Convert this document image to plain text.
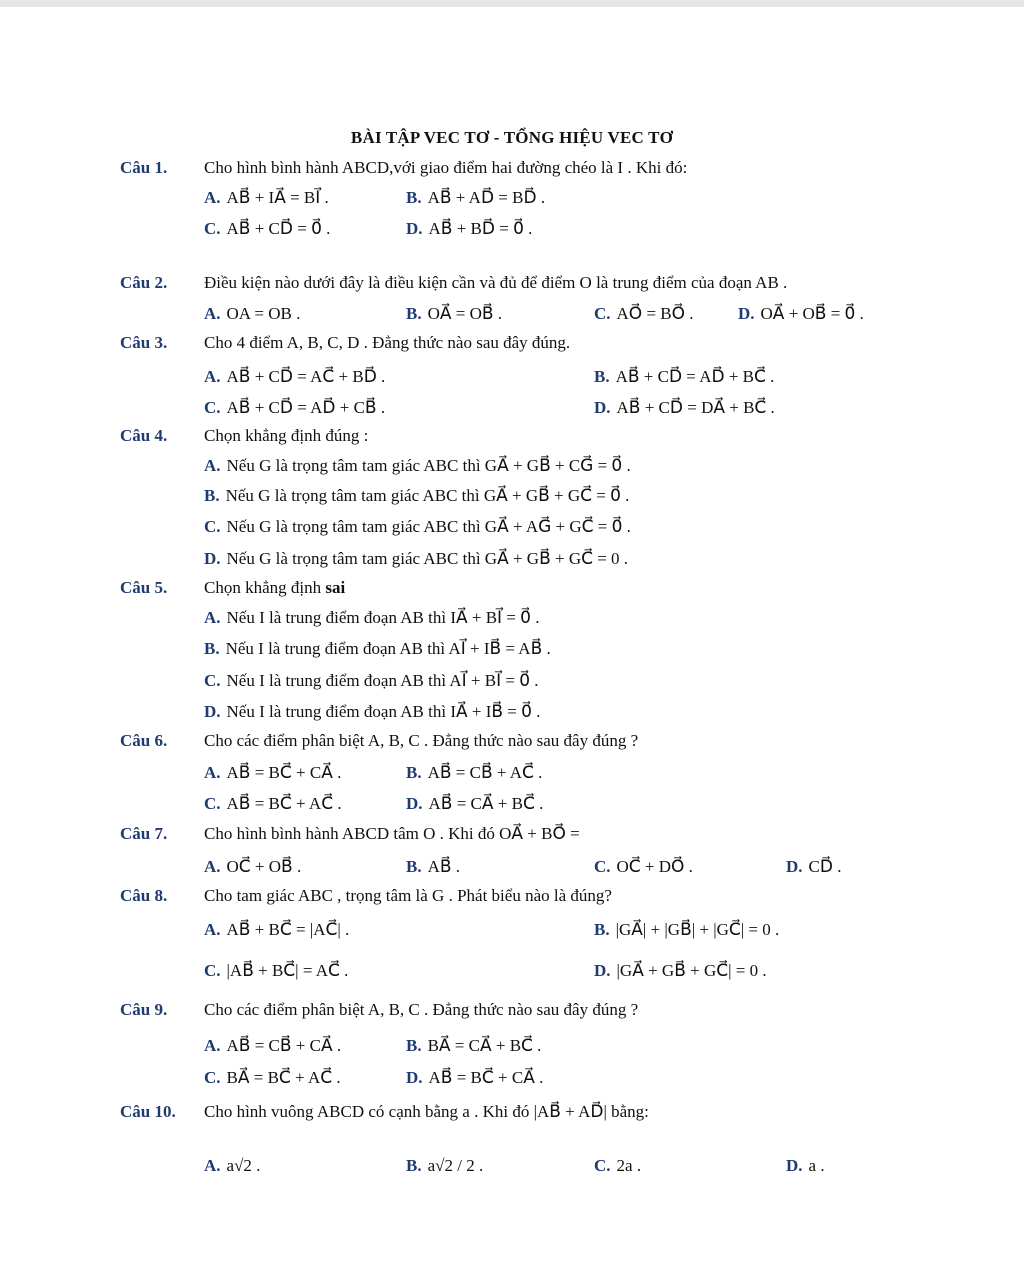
BÀI TẬP VEC TƠ - TỔNG HIỆU VEC TƠ
Câu 1. Cho hình bình hành ABCD,với giao điểm hai đường chéo là I . Khi đó:
A. AB⃗ + IA⃗ = BI⃗ .	B. AB⃗ + AD⃗ = BD⃗ .
C. AB⃗ + CD⃗ = 0⃗ .	D. AB⃗ + BD⃗ = 0⃗ .
Câu 2. Điều kiện nào dưới đây là điều kiện cần và đủ để điểm O là trung điểm của đoạn AB .
A. OA = OB .	B. OA⃗ = OB⃗ .	C. AO⃗ = BO⃗ .	D. OA⃗ + OB⃗ = 0⃗ .
Câu 3. Cho 4 điểm A, B, C, D . Đẳng thức nào sau đây đúng.
A. AB⃗ + CD⃗ = AC⃗ + BD⃗ .	B. AB⃗ + CD⃗ = AD⃗ + BC⃗ .
C. AB⃗ + CD⃗ = AD⃗ + CB⃗ .	D. AB⃗ + CD⃗ = DA⃗ + BC⃗ .
Câu 4. Chọn khẳng định đúng :
A. Nếu G là trọng tâm tam giác ABC thì GA⃗ + GB⃗ + CG⃗ = 0⃗ .
B. Nếu G là trọng tâm tam giác ABC thì GA⃗ + GB⃗ + GC⃗ = 0⃗ .
C. Nếu G là trọng tâm tam giác ABC thì GA⃗ + AG⃗ + GC⃗ = 0⃗ .
D. Nếu G là trọng tâm tam giác ABC thì GA⃗ + GB⃗ + GC⃗ = 0 .
Câu 5. Chọn khẳng định sai
A. Nếu I là trung điểm đoạn AB thì IA⃗ + BI⃗ = 0⃗ .
B. Nếu I là trung điểm đoạn AB thì AI⃗ + IB⃗ = AB⃗ .
C. Nếu I là trung điểm đoạn AB thì AI⃗ + BI⃗ = 0⃗ .
D. Nếu I là trung điểm đoạn AB thì IA⃗ + IB⃗ = 0⃗ .
Câu 6. Cho các điểm phân biệt A, B, C . Đẳng thức nào sau đây đúng ?
A. AB⃗ = BC⃗ + CA⃗ .	B. AB⃗ = CB⃗ + AC⃗ .
C. AB⃗ = BC⃗ + AC⃗ .	D. AB⃗ = CA⃗ + BC⃗ .
Câu 7. Cho hình bình hành ABCD tâm O . Khi đó OA⃗ + BO⃗ =
A. OC⃗ + OB⃗ .	B. AB⃗ .	C. OC⃗ + DO⃗ .	D. CD⃗ .
Câu 8. Cho tam giác ABC , trọng tâm là G . Phát biểu nào là đúng?
A. AB⃗ + BC⃗ = |AC⃗| .	B. |GA⃗| + |GB⃗| + |GC⃗| = 0 .
C. |AB⃗ + BC⃗| = AC⃗ .	D. |GA⃗ + GB⃗ + GC⃗| = 0 .
Câu 9. Cho các điểm phân biệt A, B, C . Đẳng thức nào sau đây đúng ?
A. AB⃗ = CB⃗ + CA⃗ .	B. BA⃗ = CA⃗ + BC⃗ .
C. BA⃗ = BC⃗ + AC⃗ .	D. AB⃗ = BC⃗ + CA⃗ .
Câu 10. Cho hình vuông ABCD có cạnh bằng a . Khi đó |AB⃗ + AD⃗| bằng:
A. a√2 .	B. a√2 / 2 .	C. 2a .	D. a .
